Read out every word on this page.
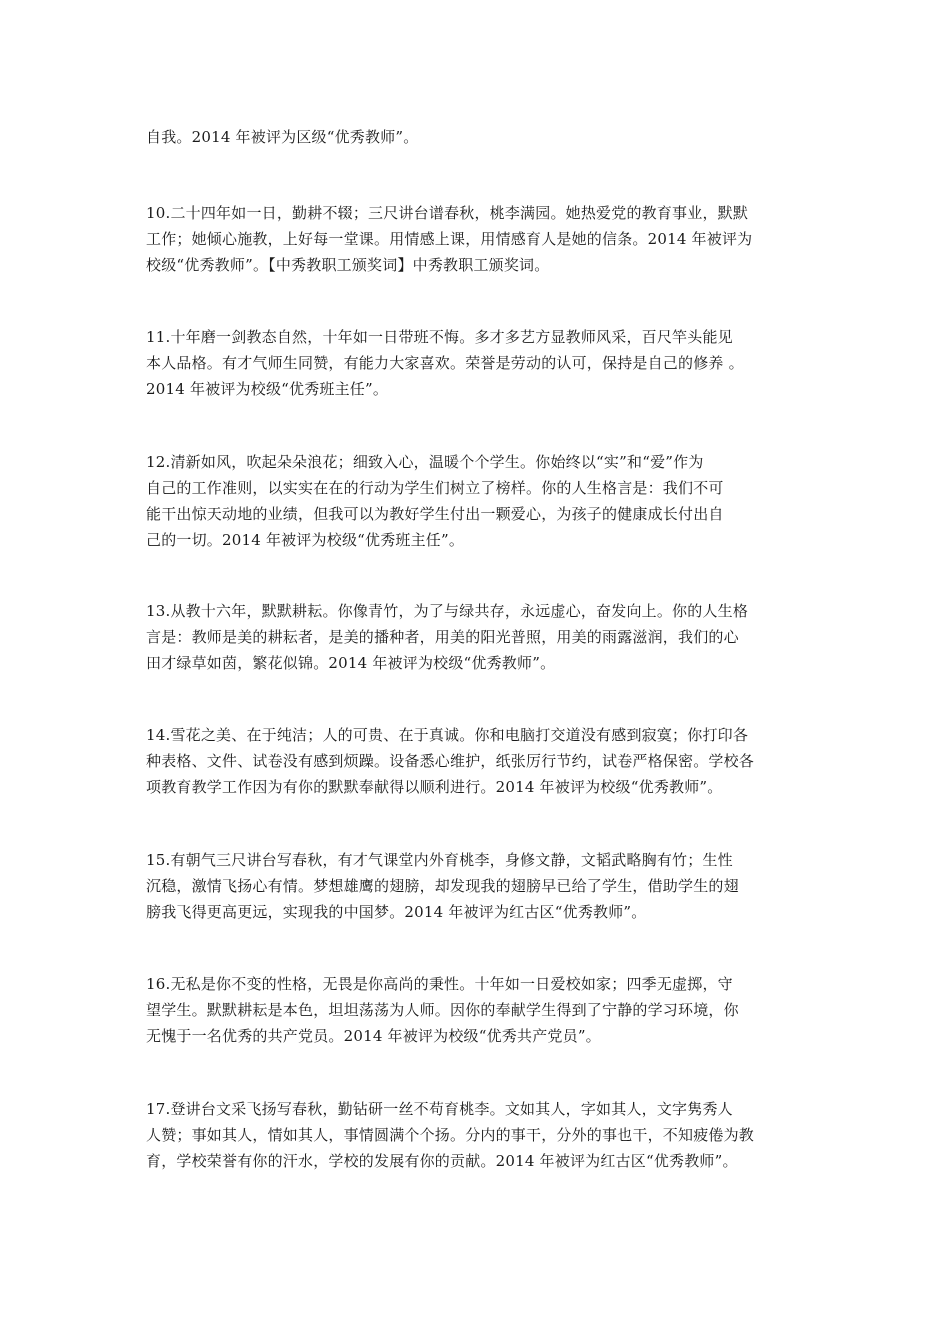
自我。2014 年被评为区级“优秀教师”。
10.二十四年如一日，勤耕不辍；三尺讲台谱春秋，桃李满园。她热爱党的教育事业，默默
工作；她倾心施教，上好每一堂课。用情感上课，用情感育人是她的信条。2014 年被评为
校级“优秀教师”。【中秀教职工颁奖词】中秀教职工颁奖词。
11.十年磨一剑教态自然，十年如一日带班不悔。多才多艺方显教师风采，百尺竿头能见
本人品格。有才气师生同赞，有能力大家喜欢。荣誉是劳动的认可，保持是自己的修养 。
2014 年被评为校级“优秀班主任”。
12.清新如风，吹起朵朵浪花；细致入心，温暖个个学生。你始终以“实”和“爱”作为
自己的工作准则，以实实在在的行动为学生们树立了榜样。你的人生格言是：我们不可
能干出惊天动地的业绩，但我可以为教好学生付出一颗爱心，为孩子的健康成长付出自
己的一切。2014 年被评为校级“优秀班主任”。
13.从教十六年，默默耕耘。你像青竹，为了与绿共存，永远虚心，奋发向上。你的人生格
言是：教师是美的耕耘者，是美的播种者，用美的阳光普照，用美的雨露滋润，我们的心
田才绿草如茵，繁花似锦。2014 年被评为校级“优秀教师”。
14.雪花之美、在于纯洁；人的可贵、在于真诚。你和电脑打交道没有感到寂寞；你打印各
种表格、文件、试卷没有感到烦躁。设备悉心维护，纸张厉行节约，试卷严格保密。学校各
项教育教学工作因为有你的默默奉献得以顺利进行。2014 年被评为校级“优秀教师”。
15.有朝气三尺讲台写春秋，有才气课堂内外育桃李，身修文静，文韬武略胸有竹；生性
沉稳，激情飞扬心有情。梦想雄鹰的翅膀，却发现我的翅膀早已给了学生，借助学生的翅
膀我飞得更高更远，实现我的中国梦。2014 年被评为红古区“优秀教师”。
16.无私是你不变的性格，无畏是你高尚的秉性。十年如一日爱校如家；四季无虚掷，守
望学生。默默耕耘是本色，坦坦荡荡为人师。因你的奉献学生得到了宁静的学习环境，你
无愧于一名优秀的共产党员。2014 年被评为校级“优秀共产党员”。
17.登讲台文采飞扬写春秋，勤钻研一丝不苟育桃李。文如其人，字如其人，文字隽秀人
人赞；事如其人，情如其人，事情圆满个个扬。分内的事干，分外的事也干，不知疲倦为教
育，学校荣誉有你的汗水，学校的发展有你的贡献。2014 年被评为红古区“优秀教师”。
